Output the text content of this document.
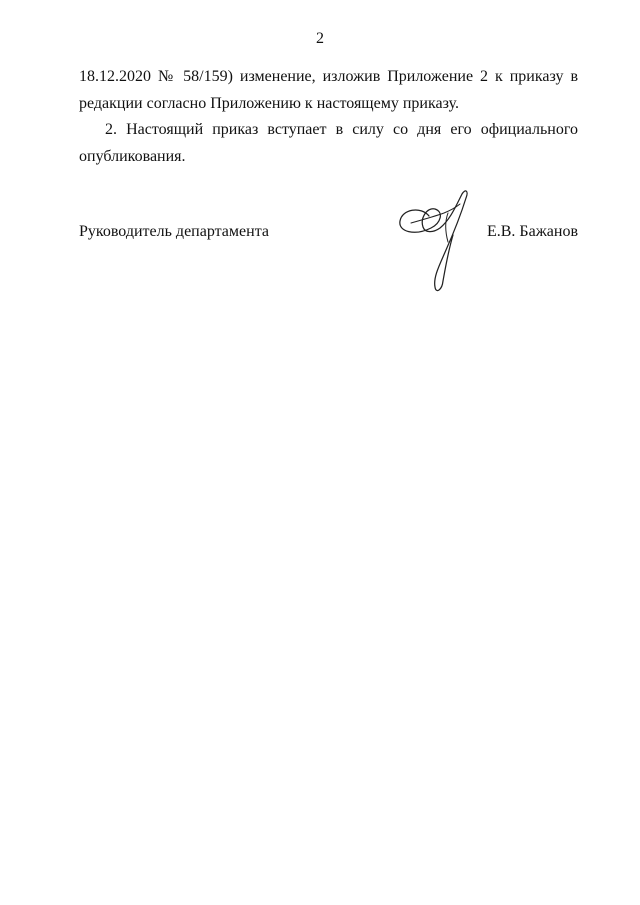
2
18.12.2020 № 58/159) изменение, изложив Приложение 2 к приказу в
редакции согласно Приложению к настоящему приказу.
2. Настоящий приказ вступает в силу со дня его официального
опубликования.
Руководитель департамента	Е.В. Бажанов
